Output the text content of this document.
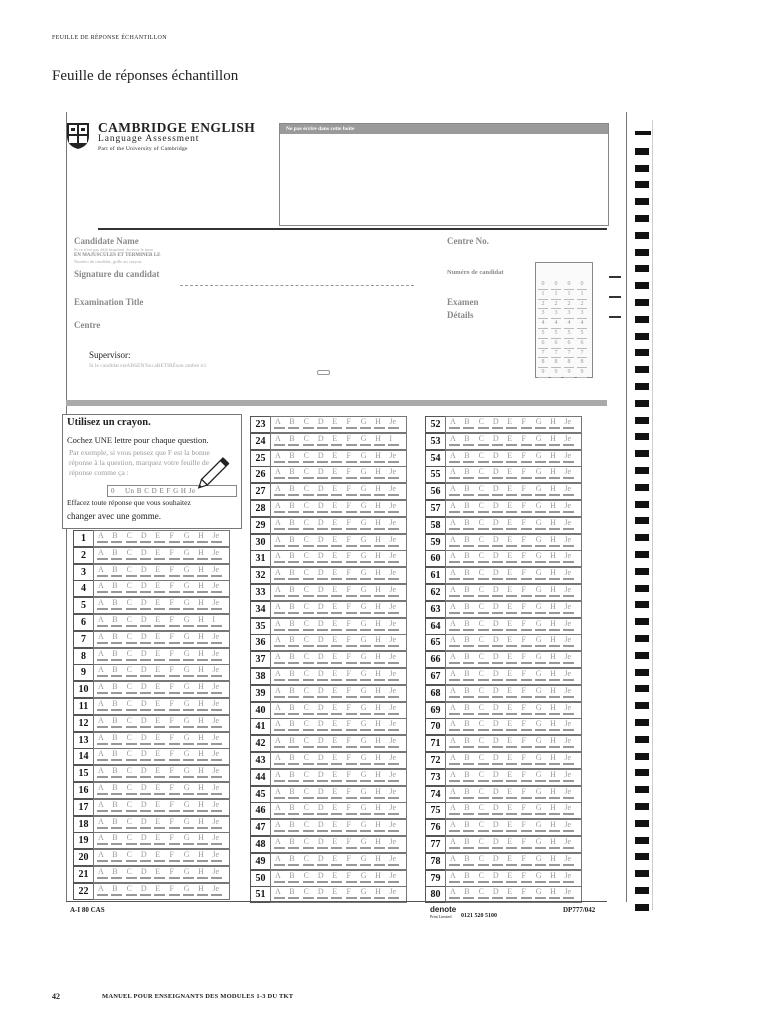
FEUILLE DE RÉPONSE ÉCHANTILLON
Feuille de réponses échantillon
CAMBRIDGE ENGLISH
Language Assessment
Part of the University of Cambridge
Ne pas écrire dans cette boîte
Candidate Name
Si ce n'est pas déjà imprimé, écrivez le nom
EN MAJUSCULES ET TERMINER LE
Numéro de candidat, grille au crayon.
Centre No.
Signature du candidat	Numéro de candidat
Examination Title	Examen
Détails
Centre
Supervisor:
Si le candidat estABSENTou aRETIRÉson ombre ici
0
1
2
3
4
5
6
7
8
9
0
1
2
3
4
5
6
7
8
9
0
1
2
3
4
5
6
7
8
9
0
1
2
3
4
5
6
7
8
9
Utilisez un crayon.
Cochez UNE lettre pour chaque question.
Par exemple, si vous pensez que F est la bonne réponse à la question, marquez votre feuille de réponse comme ça :
0 Un B C D E F G H Je
Effacez toute réponse que vous souhaitez
changer avec une gomme.
1	A B C D E F G H Je
2	A B C D E F G H Je
3	A B C D E F G H Je
4	A B C D E F G H Je
5	A B C D E F G H Je
6	A B C D E F G H I
7	A B C D E F G H Je
8	A B C D E F G H Je
9	A B C D E F G H Je
10	A B C D E F G H Je
11	A B C D E F G H Je
12	A B C D E F G H Je
13	A B C D E F G H Je
14	A B C D E F G H Je
15	A B C D E F G H Je
16	A B C D E F G H Je
17	A B C D E F G H Je
18	A B C D E F G H Je
19	A B C D E F G H Je
20	A B C D E F G H Je
21	A B C D E F G H Je
22	A B C D E F G H Je
23	A B C D E F G H Je
24	A B C D E F G H I
25	A B C D E F G H Je
26	A B C D E F G H Je
27	A B C D E F G H Je
28	A B C D E F G H Je
29	A B C D E F G H Je
30	A B C D E F G H Je
31	A B C D E F G H Je
32	A B C D E F G H Je
33	A B C D E F G H Je
34	A B C D E F G H Je
35	A B C D E F G H Je
36	A B C D E F G H Je
37	A B C D E F G H Je
38	A B C D E F G H Je
39	A B C D E F G H Je
40	A B C D E F G H Je
41	A B C D E F G H Je
42	A B C D E F G H Je
43	A B C D E F G H Je
44	A B C D E F G H Je
45	A B C D E F G H Je
46	A B C D E F G H Je
47	A B C D E F G H Je
48	A B C D E F G H Je
49	A B C D E F G H Je
50	A B C D E F G H Je
51	A B C D E F G H Je
52	A B C D E F G H Je
53	A B C D E F G H Je
54	A B C D E F G H Je
55	A B C D E F G H Je
56	A B C D E F G H Je
57	A B C D E F G H Je
58	A B C D E F G H Je
59	A B C D E F G H Je
60	A B C D E F G H Je
61	A B C D E F G H Je
62	A B C D E F G H Je
63	A B C D E F G H Je
64	A B C D E F G H Je
65	A B C D E F G H Je
66	A B C D E F G H Je
67	A B C D E F G H Je
68	A B C D E F G H Je
69	A B C D E F G H Je
70	A B C D E F G H Je
71	A B C D E F G H Je
72	A B C D E F G H Je
73	A B C D E F G H Je
74	A B C D E F G H Je
75	A B C D E F G H Je
76	A B C D E F G H Je
77	A B C D E F G H Je
78	A B C D E F G H Je
79	A B C D E F G H Je
80	A B C D E F G H Je
A-I 80 CAS	denote
Print Limited 0121 520 5100
DP777/042
42	MANUEL POUR ENSEIGNANTS DES MODULES 1-3 DU TKT
